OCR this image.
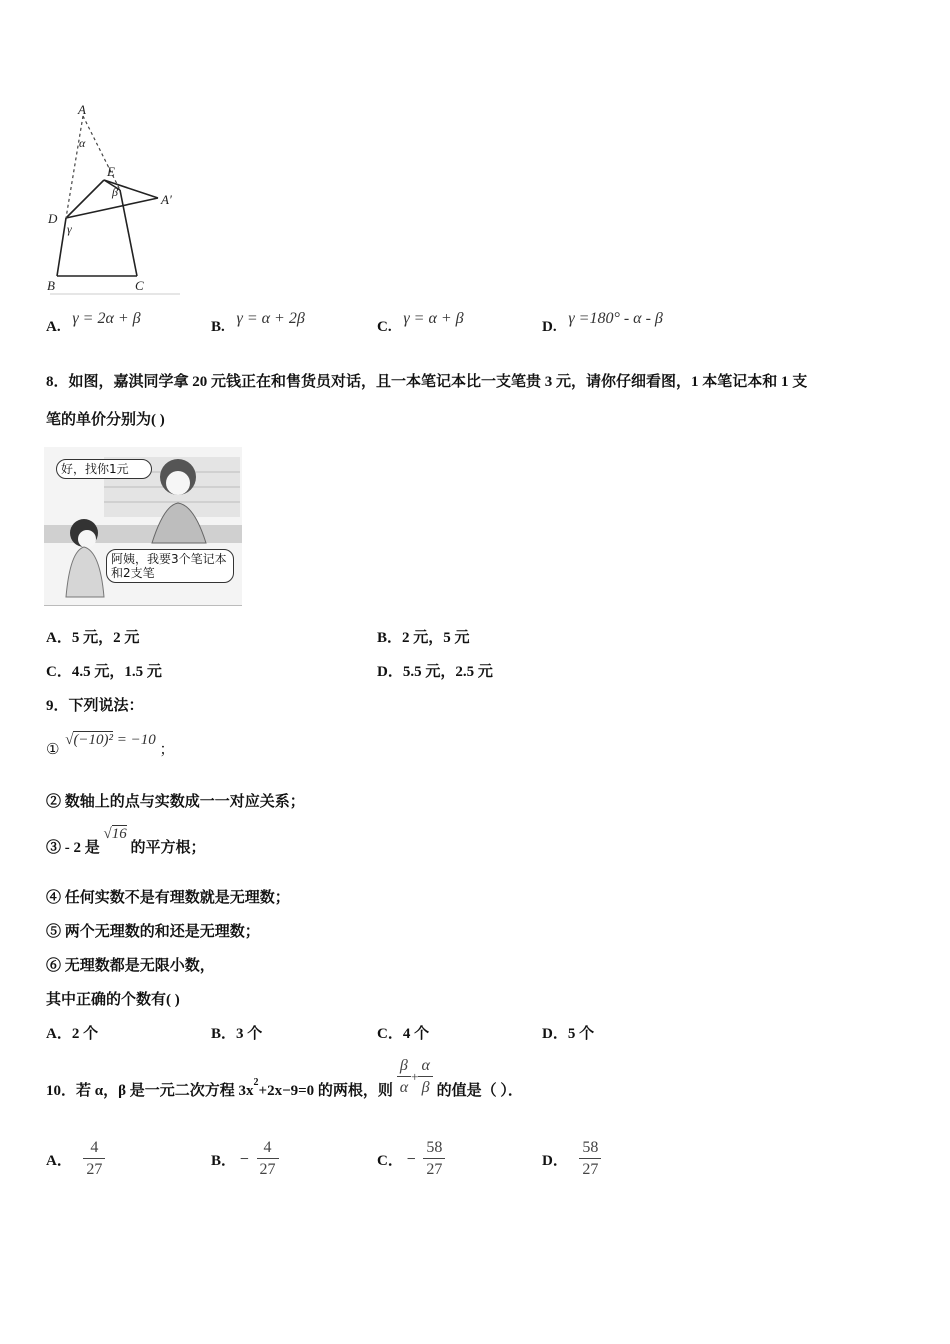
A
α
E
β	A′
D
γ
B	C
A. γ = 2α + β	B. γ = α + 2β	C. γ = α + β	D. γ =180° - α - β
8．如图，嘉淇同学拿 20 元钱正在和售货员对话，且一本笔记本比一支笔贵 3 元，请你仔细看图，1 本笔记本和 1 支
笔的单价分别为( )
好，找你1元
阿姨，我要3个笔记本和2支笔
A．5 元，2 元	B．2 元，5 元
C．4.5 元，1.5 元	D．5.5 元，2.5 元
9．下列说法：
① √(−10)² = −10 ；
② 数轴上的点与实数成一一对应关系；
③ - 2 是 √16 的平方根；
④ 任何实数不是有理数就是无理数；
⑤ 两个无理数的和还是无理数；
⑥ 无理数都是无限小数，
其中正确的个数有( )
A．2 个	B．3 个	C．4 个	D．5 个
10．若 α，β 是一元二次方程 $3x^2+2x-9=0$ 的两根，则 $\frac{\beta}{\alpha} + \frac{\alpha}{\beta}$ 的值是（ ）．
A． $\frac{4}{27}$	B． − $\frac{4}{27}$	C． − $\frac{58}{27}$	D． $\frac{58}{27}$
